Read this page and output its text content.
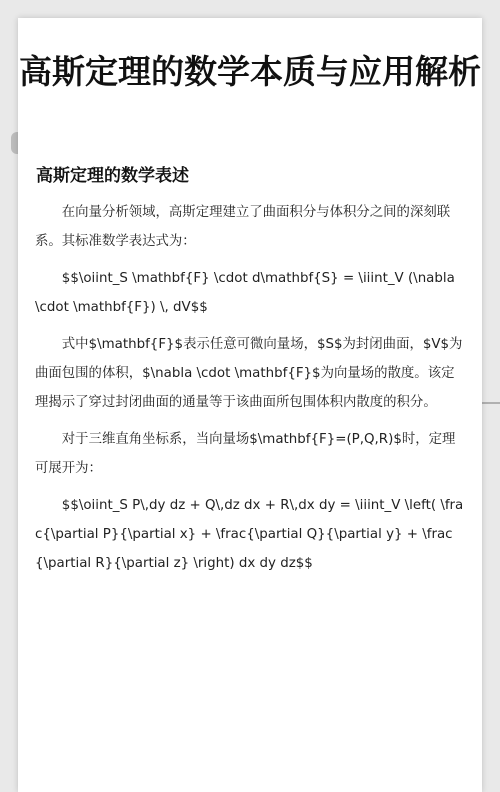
高斯定理的数学本质与应用解析
高斯定理的数学表述

在向量分析领域，高斯定理建立了曲面积分与体积分之间的深刻联系。其标准数学表达式为：

$$\oiint_S \mathbf{F} \cdot d\mathbf{S} = \iiint_V (\nabla \cdot \mathbf{F}) \, dV$$

式中$\mathbf{F}$表示任意可微向量场，$S$为封闭曲面，$V$为曲面包围的体积，$\nabla \cdot \mathbf{F}$为向量场的散度。该定理揭示了穿过封闭曲面的通量等于该曲面所包围体积内散度的积分。

对于三维直角坐标系，当向量场$\mathbf{F}=(P,Q,R)$时，定理可展开为：

$$\oiint_S P\,dy dz + Q\,dz dx + R\,dx dy = \iiint_V \left( \frac{\partial P}{\partial x} + \frac{\partial Q}{\partial y} + \frac{\partial R}{\partial z} \right) dx dy dz$$
